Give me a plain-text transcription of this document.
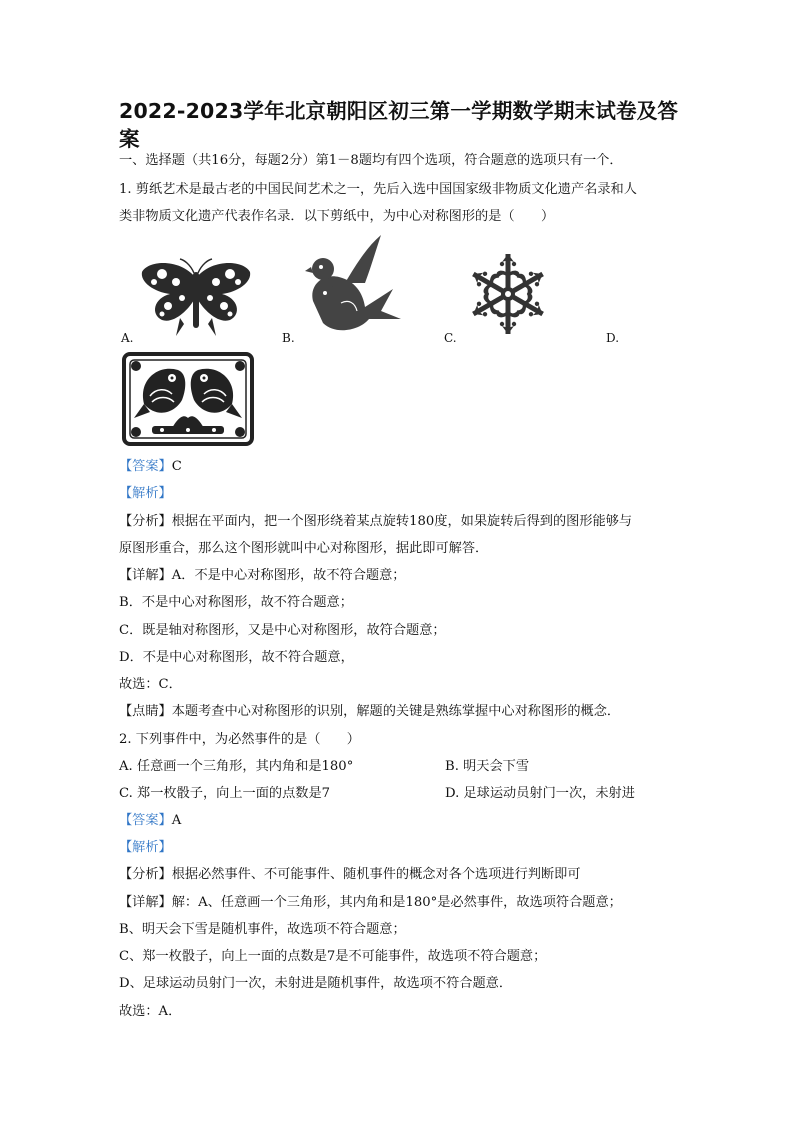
2022-2023学年北京朝阳区初三第一学期数学期末试卷及答案
一、选择题（共16分，每题2分）第1－8题均有四个选项，符合题意的选项只有一个．
1. 剪纸艺术是最古老的中国民间艺术之一，先后入选中国国家级非物质文化遗产名录和人
类非物质文化遗产代表作名录．以下剪纸中，为中心对称图形的是（　　）
A.	B.	C.	D.
【答案】C
【解析】
【分析】根据在平面内，把一个图形绕着某点旋转180度，如果旋转后得到的图形能够与
原图形重合，那么这个图形就叫中心对称图形，据此即可解答．
【详解】A．不是中心对称图形，故不符合题意；
B．不是中心对称图形，故不符合题意；
C．既是轴对称图形，又是中心对称图形，故符合题意；
D．不是中心对称图形，故不符合题意，
故选：C．
【点睛】本题考查中心对称图形的识别，解题的关键是熟练掌握中心对称图形的概念．
2. 下列事件中，为必然事件的是（　　）
A. 任意画一个三角形，其内角和是180°	B. 明天会下雪
C. 郑一枚骰子，向上一面的点数是7	D. 足球运动员射门一次，未射进
【答案】A
【解析】
【分析】根据必然事件、不可能事件、随机事件的概念对各个选项进行判断即可
【详解】解：A、任意画一个三角形，其内角和是180°是必然事件，故选项符合题意；
B、明天会下雪是随机事件，故选项不符合题意；
C、郑一枚骰子，向上一面的点数是7是不可能事件，故选项不符合题意；
D、足球运动员射门一次，未射进是随机事件，故选项不符合题意．
故选：A．
